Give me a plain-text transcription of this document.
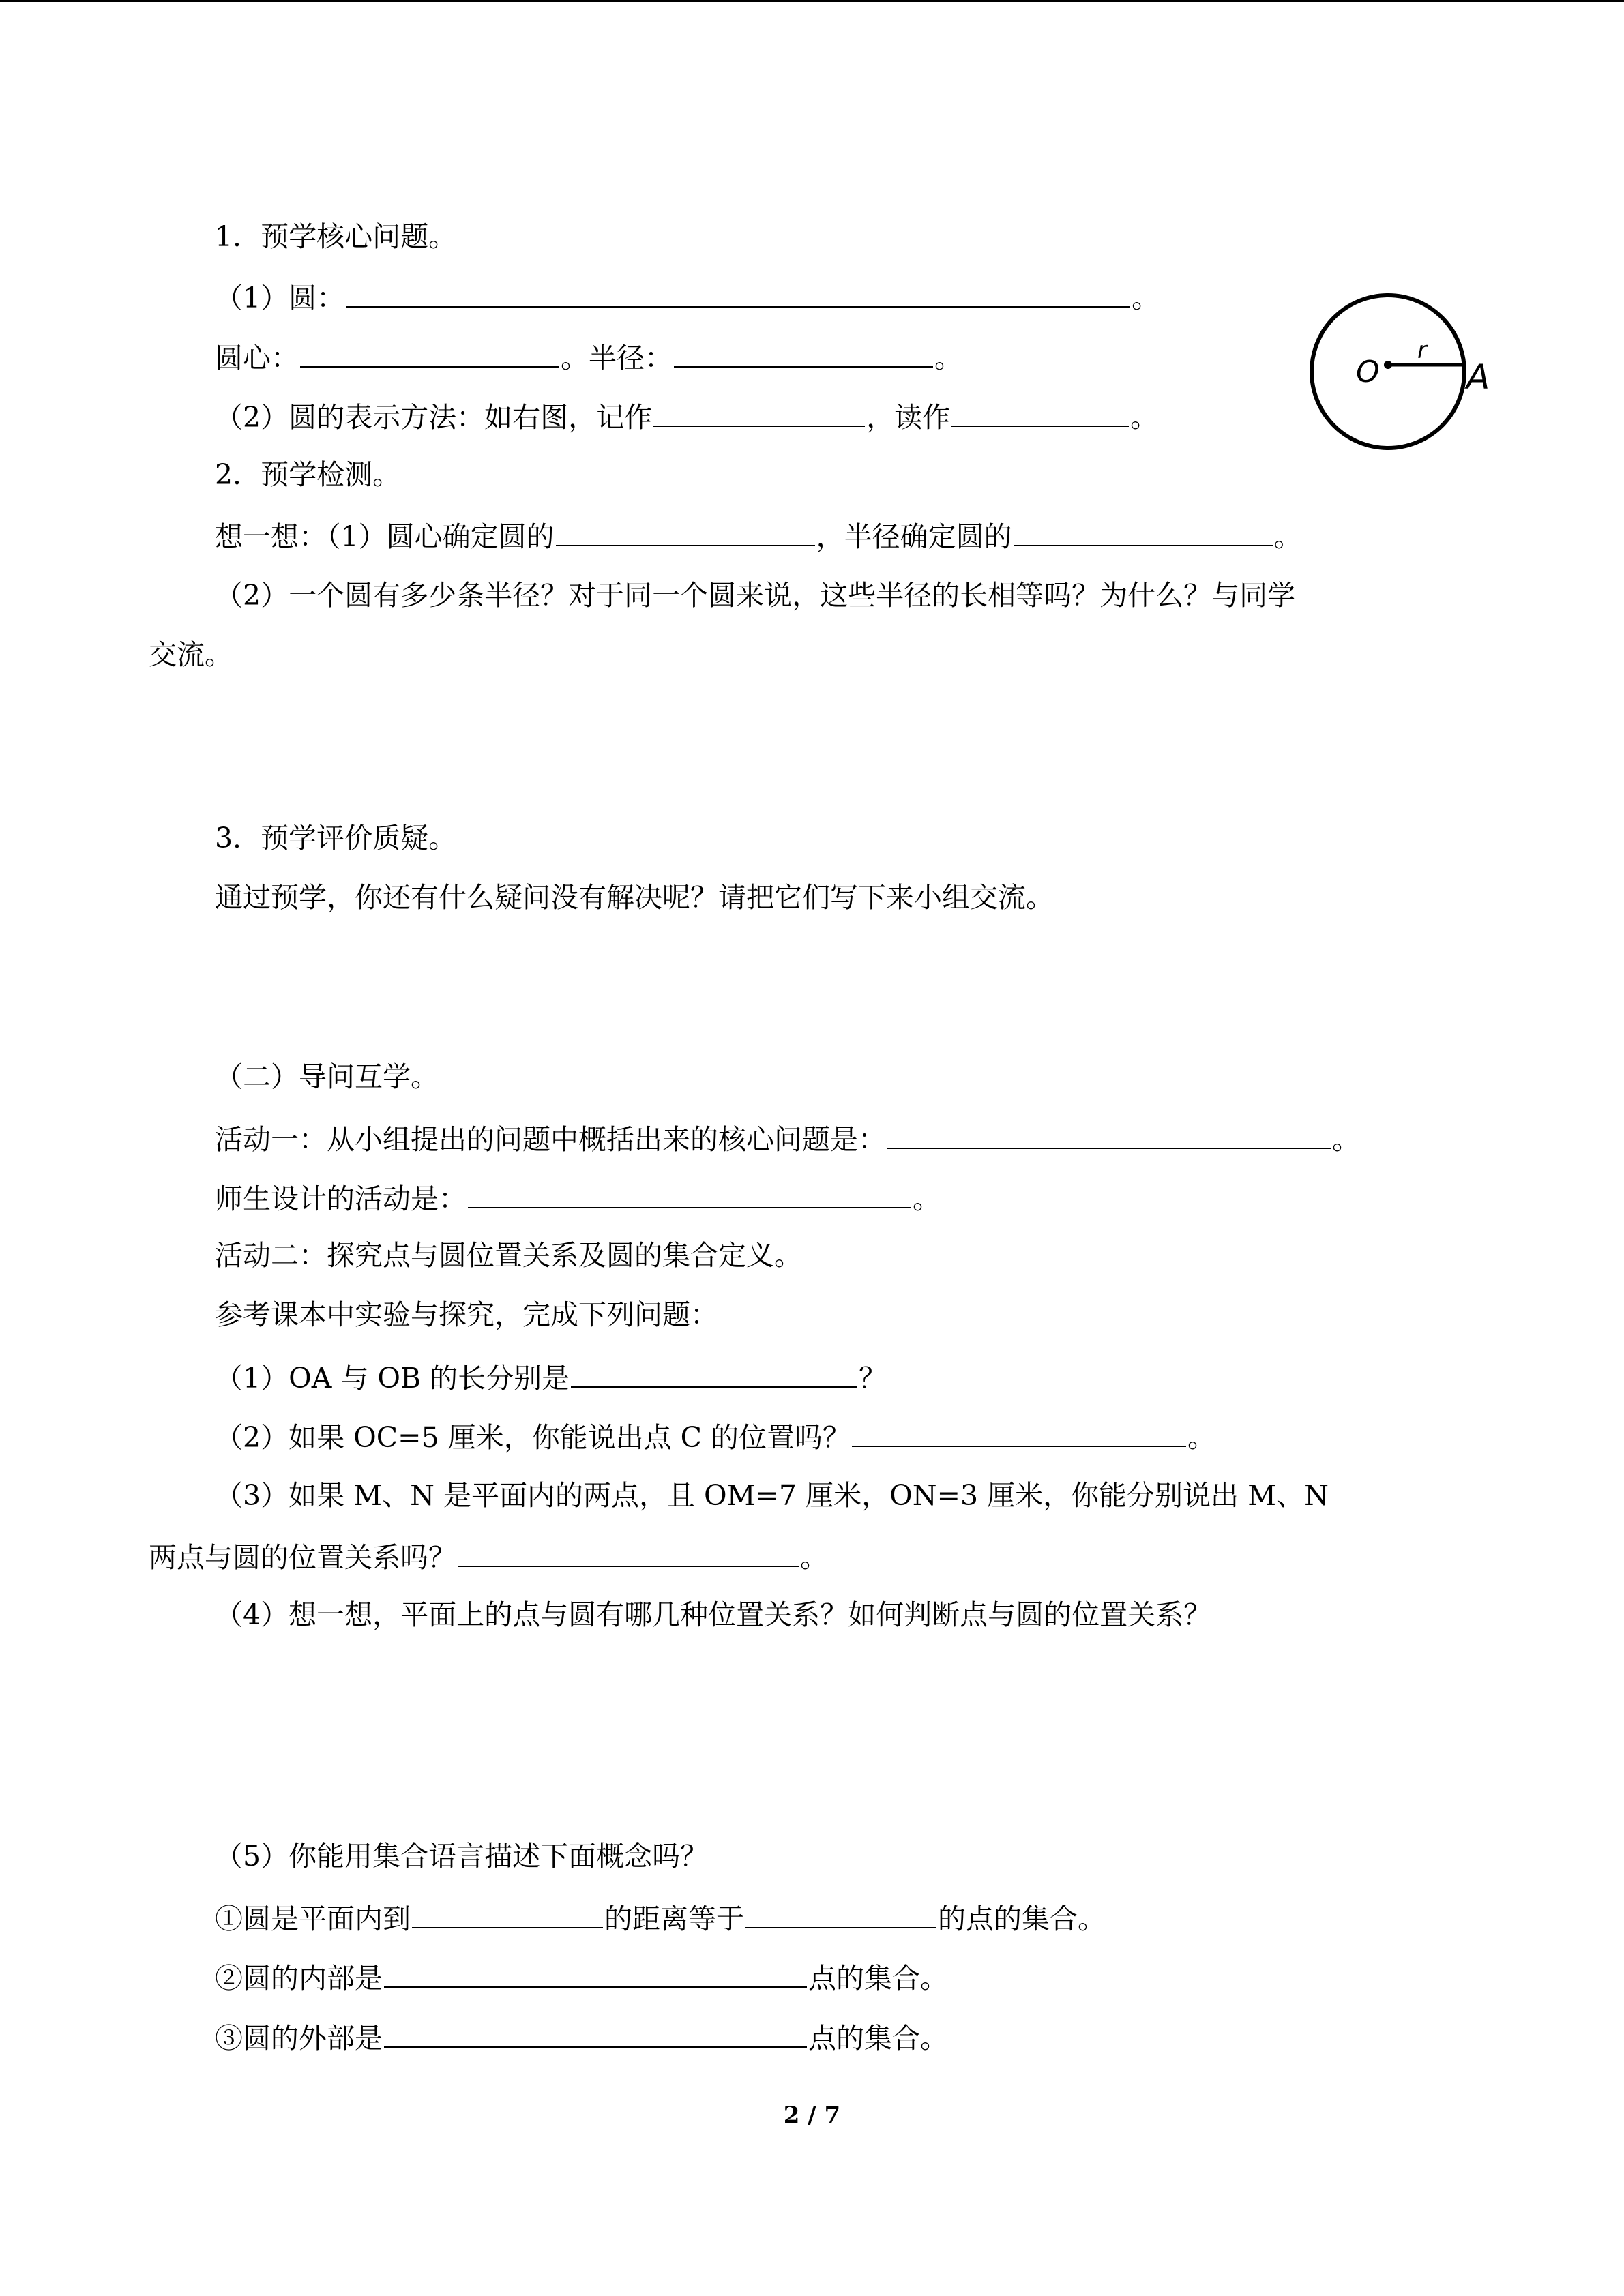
1．预学核心问题。
（1）圆：	。
圆心：	。半径：	。
（2）圆的表示方法：如右图，记作	，读作	。
O
r
A
2．预学检测。
想一想：（1）圆心确定圆的	，半径确定圆的	。
（2）一个圆有多少条半径？对于同一个圆来说，这些半径的长相等吗？为什么？与同学
交流。
3．预学评价质疑。
通过预学，你还有什么疑问没有解决呢？请把它们写下来小组交流。
（二）导问互学。
活动一：从小组提出的问题中概括出来的核心问题是：	。
师生设计的活动是：	。
活动二：探究点与圆位置关系及圆的集合定义。
参考课本中实验与探究，完成下列问题：
（1）OA 与 OB 的长分别是	？
（2）如果 OC=5 厘米，你能说出点 C 的位置吗？	。
（3）如果 M、N 是平面内的两点，且 OM=7 厘米，ON=3 厘米，你能分别说出 M、N
两点与圆的位置关系吗？	。
（4）想一想，平面上的点与圆有哪几种位置关系？如何判断点与圆的位置关系？
（5）你能用集合语言描述下面概念吗？
①圆是平面内到	的距离等于	的点的集合。
②圆的内部是	点的集合。
③圆的外部是	点的集合。
2 / 7
